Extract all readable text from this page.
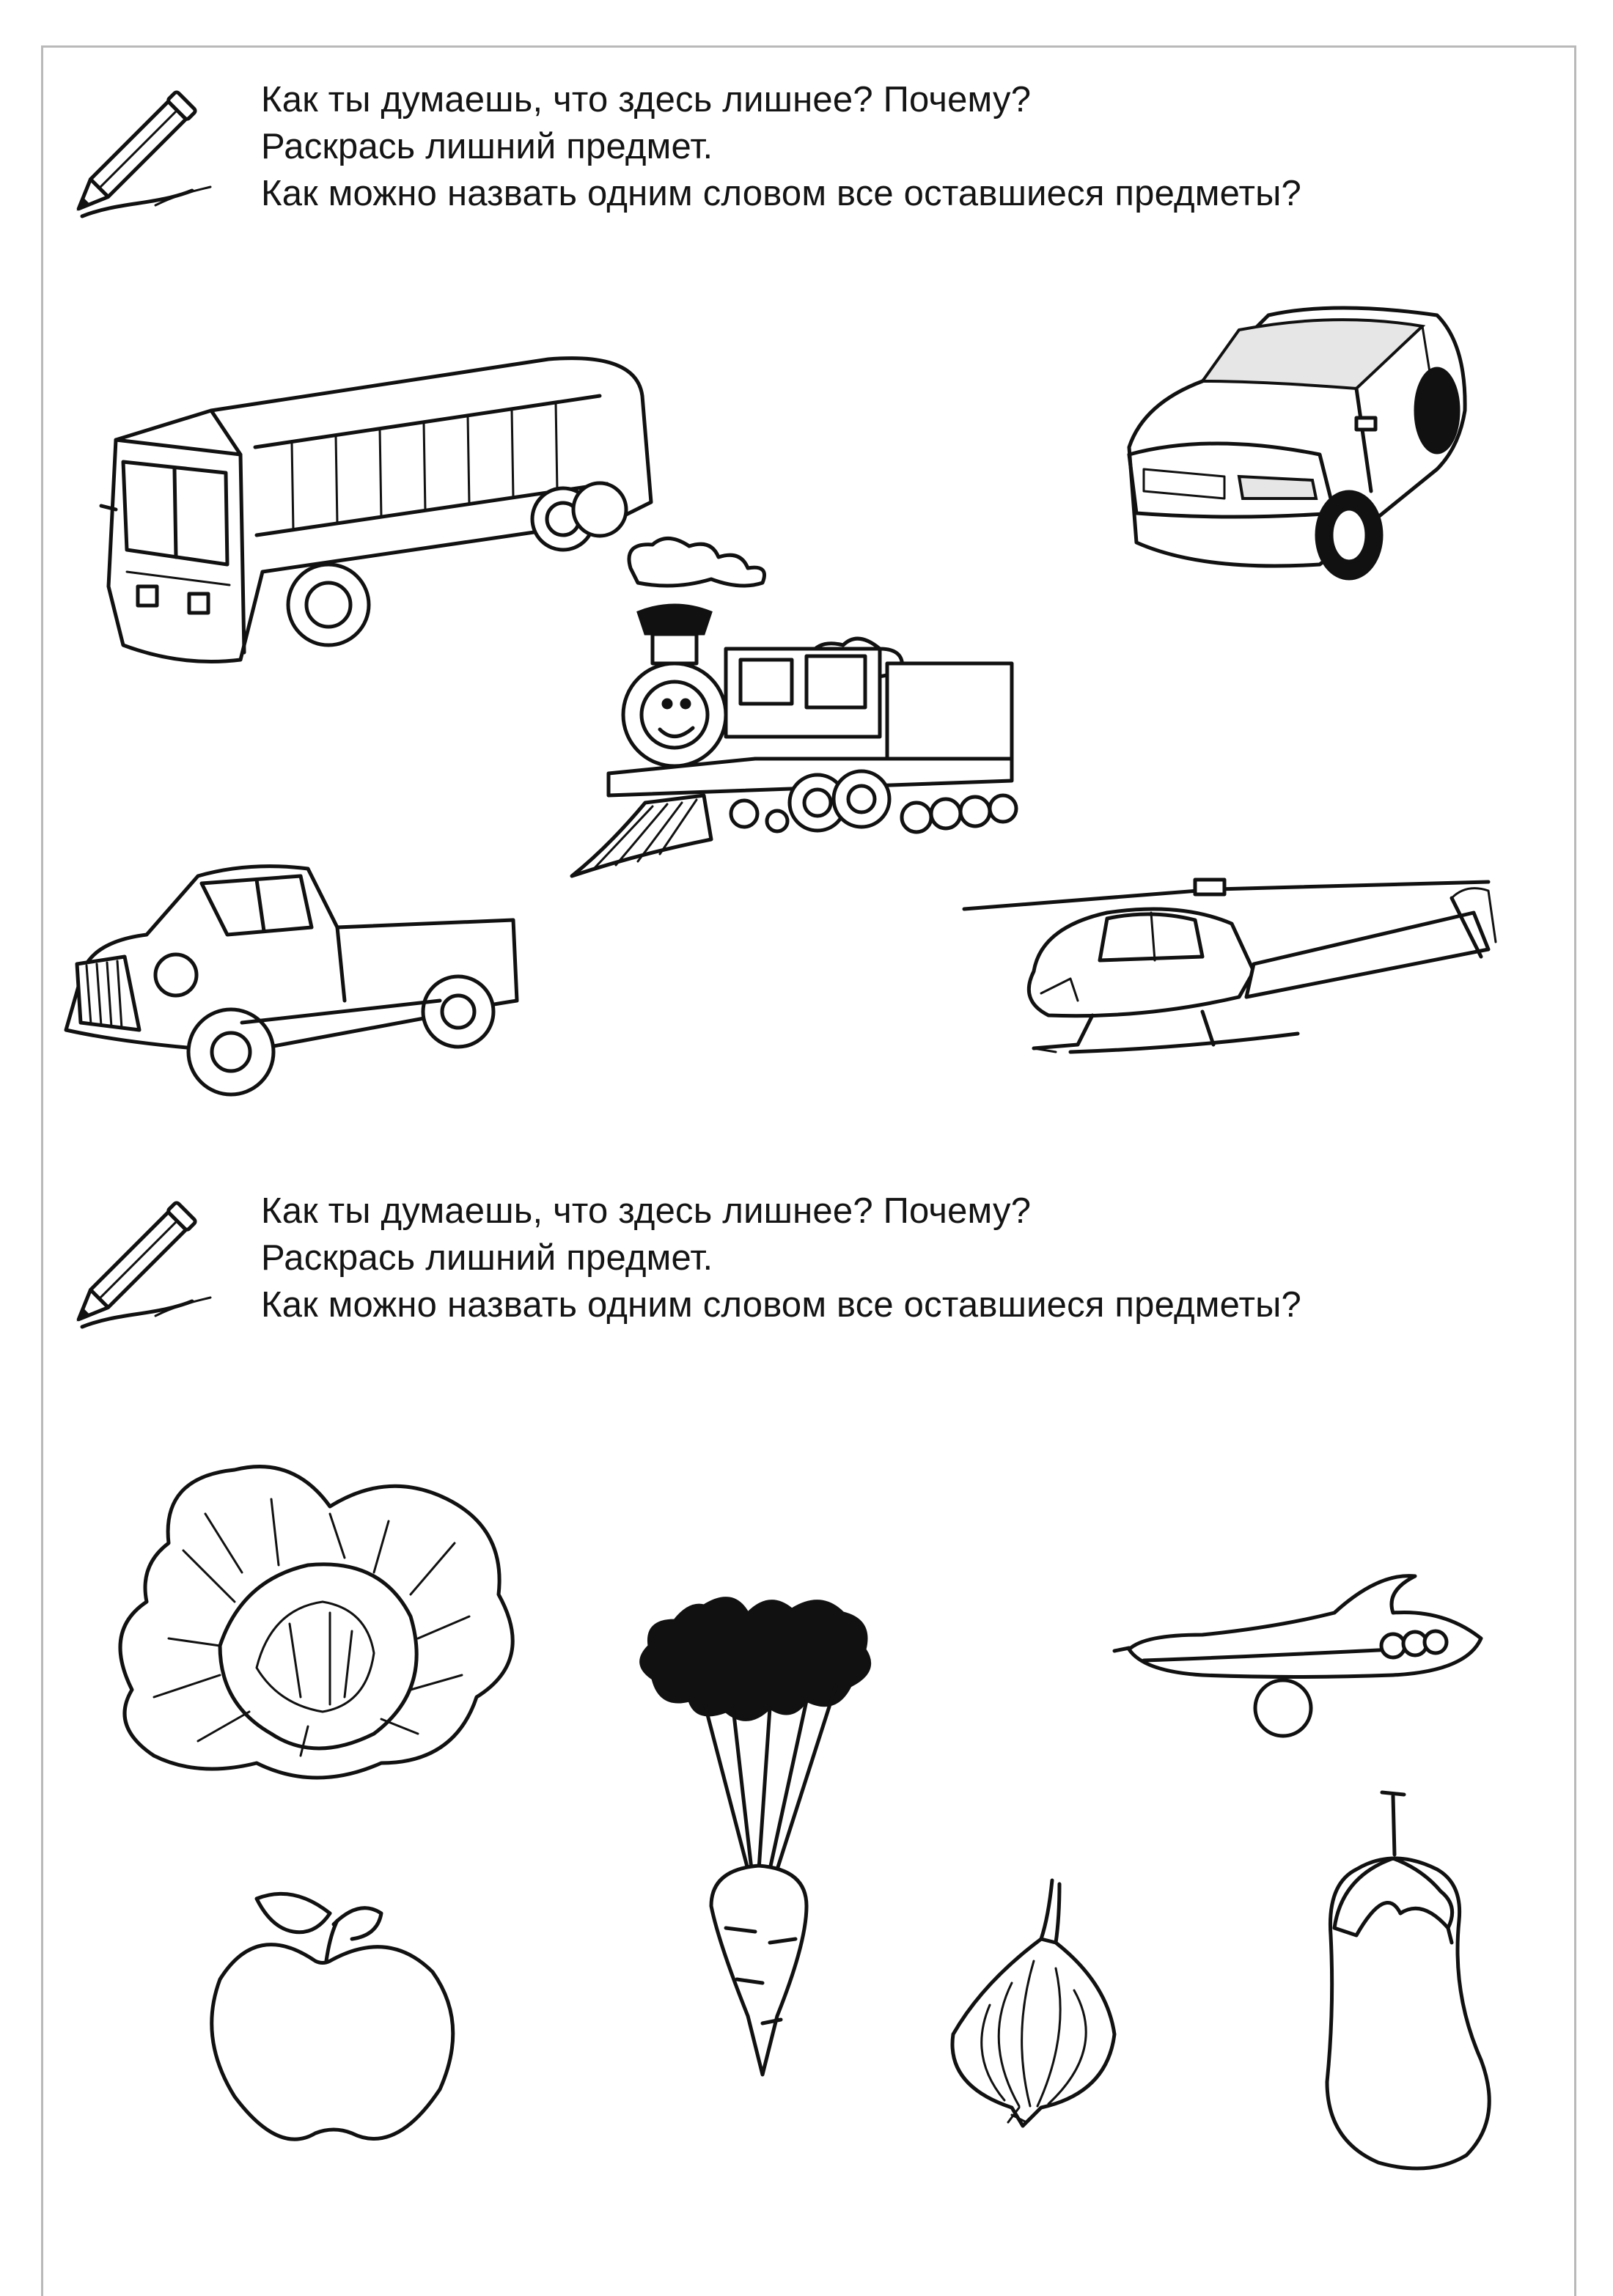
Как ты думаешь, что здесь лишнее? Почему?
Раскрась лишний предмет.
Как можно назвать одним словом все оставшиеся предметы?
Как ты думаешь, что здесь лишнее? Почему?
Раскрась лишний предмет.
Как можно назвать одним словом все оставшиеся предметы?
